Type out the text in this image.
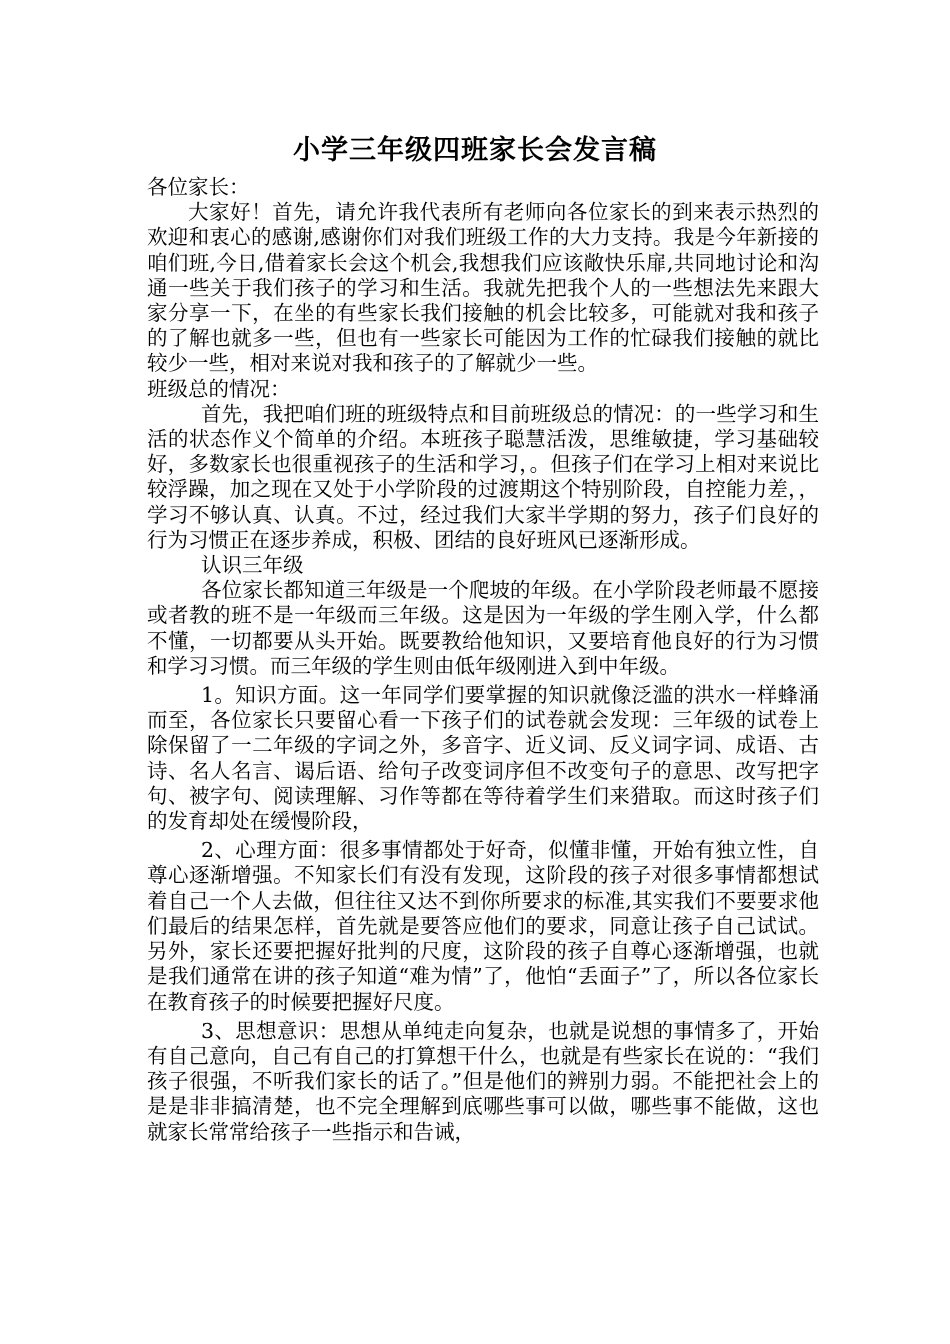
小学三年级四班家长会发言稿

各位家长：

大家好！首先，请允许我代表所有老师向各位家长的到来表示热烈的欢迎和衷心的感谢,感谢你们对我们班级工作的大力支持。我是今年新接的咱们班,今日,借着家长会这个机会,我想我们应该敞快乐扉,共同地讨论和沟通一些关于我们孩子的学习和生活。我就先把我个人的一些想法先来跟大家分享一下，在坐的有些家长我们接触的机会比较多，可能就对我和孩子的了解也就多一些，但也有一些家长可能因为工作的忙碌我们接触的就比较少一些，相对来说对我和孩子的了解就少一些。

班级总的情况：

首先，我把咱们班的班级特点和目前班级总的情况：的一些学习和生活的状态作义个简单的介绍。本班孩子聪慧活泼，思维敏捷，学习基础较好，多数家长也很重视孩子的生活和学习，。但孩子们在学习上相对来说比较浮躁，加之现在又处于小学阶段的过渡期这个特别阶段，自控能力差，，学习不够认真、认真。不过，经过我们大家半学期的努力，孩子们良好的行为习惯正在逐步养成，积极、团结的良好班风已逐渐形成。

认识三年级

各位家长都知道三年级是一个爬坡的年级。在小学阶段老师最不愿接或者教的班不是一年级而三年级。这是因为一年级的学生刚入学，什么都不懂，一切都要从头开始。既要教给他知识，又要培育他良好的行为习惯和学习习惯。而三年级的学生则由低年级刚进入到中年级。

1。知识方面。这一年同学们要掌握的知识就像泛滥的洪水一样蜂涌而至，各位家长只要留心看一下孩子们的试卷就会发现：三年级的试卷上除保留了一二年级的字词之外，多音字、近义词、反义词字词、成语、古诗、名人名言、谒后语、给句子改变词序但不改变句子的意思、改写把字句、被字句、阅读理解、习作等都在等待着学生们来猎取。而这时孩子们的发育却处在缓慢阶段，

2、心理方面：很多事情都处于好奇，似懂非懂，开始有独立性，自尊心逐渐增强。不知家长们有没有发现，这阶段的孩子对很多事情都想试着自己一个人去做，但往往又达不到你所要求的标准,其实我们不要要求他们最后的结果怎样，首先就是要答应他们的要求，同意让孩子自己试试。另外，家长还要把握好批判的尺度，这阶段的孩子自尊心逐渐增强，也就是我们通常在讲的孩子知道“难为情”了，他怕“丢面子”了，所以各位家长在教育孩子的时候要把握好尺度。

3、思想意识：思想从单纯走向复杂，也就是说想的事情多了，开始有自己意向，自己有自己的打算想干什么，也就是有些家长在说的：“我们孩子很强，不听我们家长的话了。”但是他们的辨别力弱。不能把社会上的是是非非搞清楚，也不完全理解到底哪些事可以做，哪些事不能做，这也就家长常常给孩子一些指示和告诫，
